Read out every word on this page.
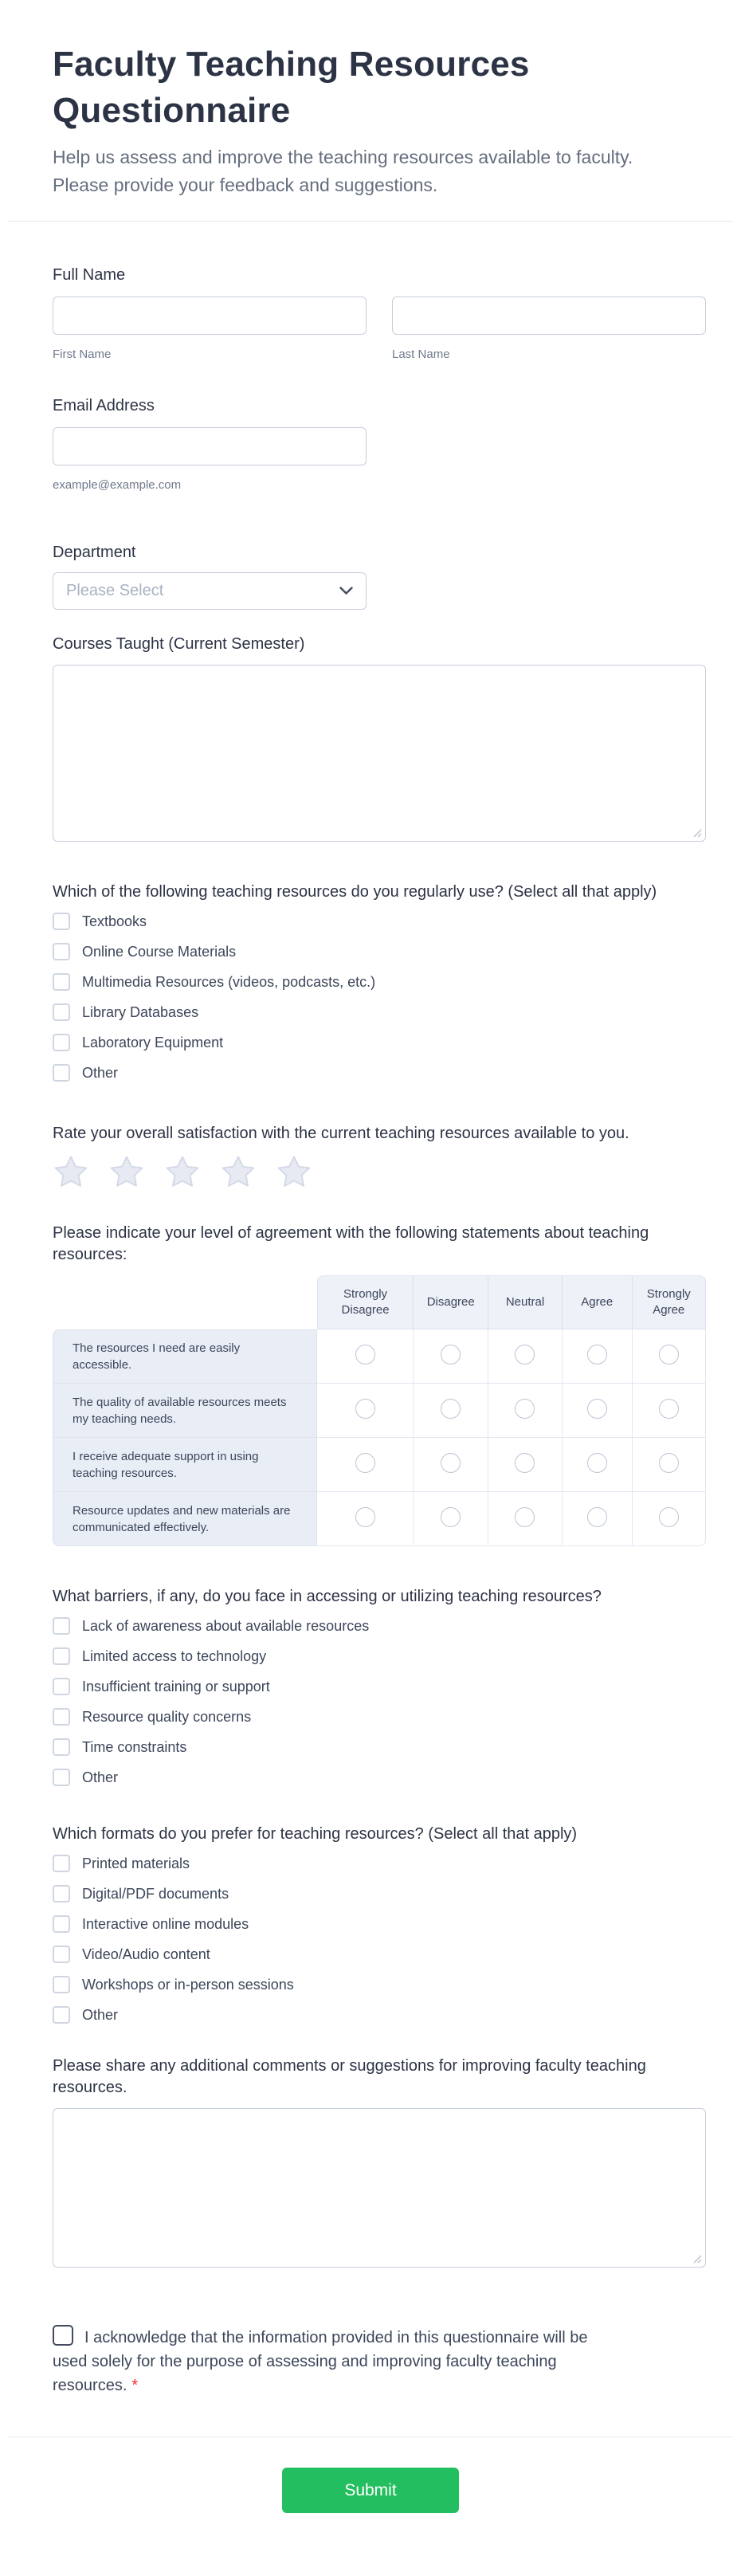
Faculty Teaching Resources Questionnaire

Help us assess and improve the teaching resources available to faculty. Please provide your feedback and suggestions.

Full Name
First Name	Last Name
Email Address
example@example.com
Department
Please Select
Courses Taught (Current Semester)
Which of the following teaching resources do you regularly use? (Select all that apply)
Textbooks
Online Course Materials
Multimedia Resources (videos, podcasts, etc.)
Library Databases
Laboratory Equipment
Other
Rate your overall satisfaction with the current teaching resources available to you.
Please indicate your level of agreement with the following statements about teaching resources:
	Strongly Disagree	Disagree	Neutral	Agree	Strongly Agree
The resources I need are easily accessible.					
The quality of available resources meets my teaching needs.					
I receive adequate support in using teaching resources.					
Resource updates and new materials are communicated effectively.					
What barriers, if any, do you face in accessing or utilizing teaching resources?
Lack of awareness about available resources
Limited access to technology
Insufficient training or support
Resource quality concerns
Time constraints
Other
Which formats do you prefer for teaching resources? (Select all that apply)
Printed materials
Digital/PDF documents
Interactive online modules
Video/Audio content
Workshops or in-person sessions
Other
Please share any additional comments or suggestions for improving faculty teaching resources.
I acknowledge that the information provided in this questionnaire will be used solely for the purpose of assessing and improving faculty teaching resources. *
Submit
